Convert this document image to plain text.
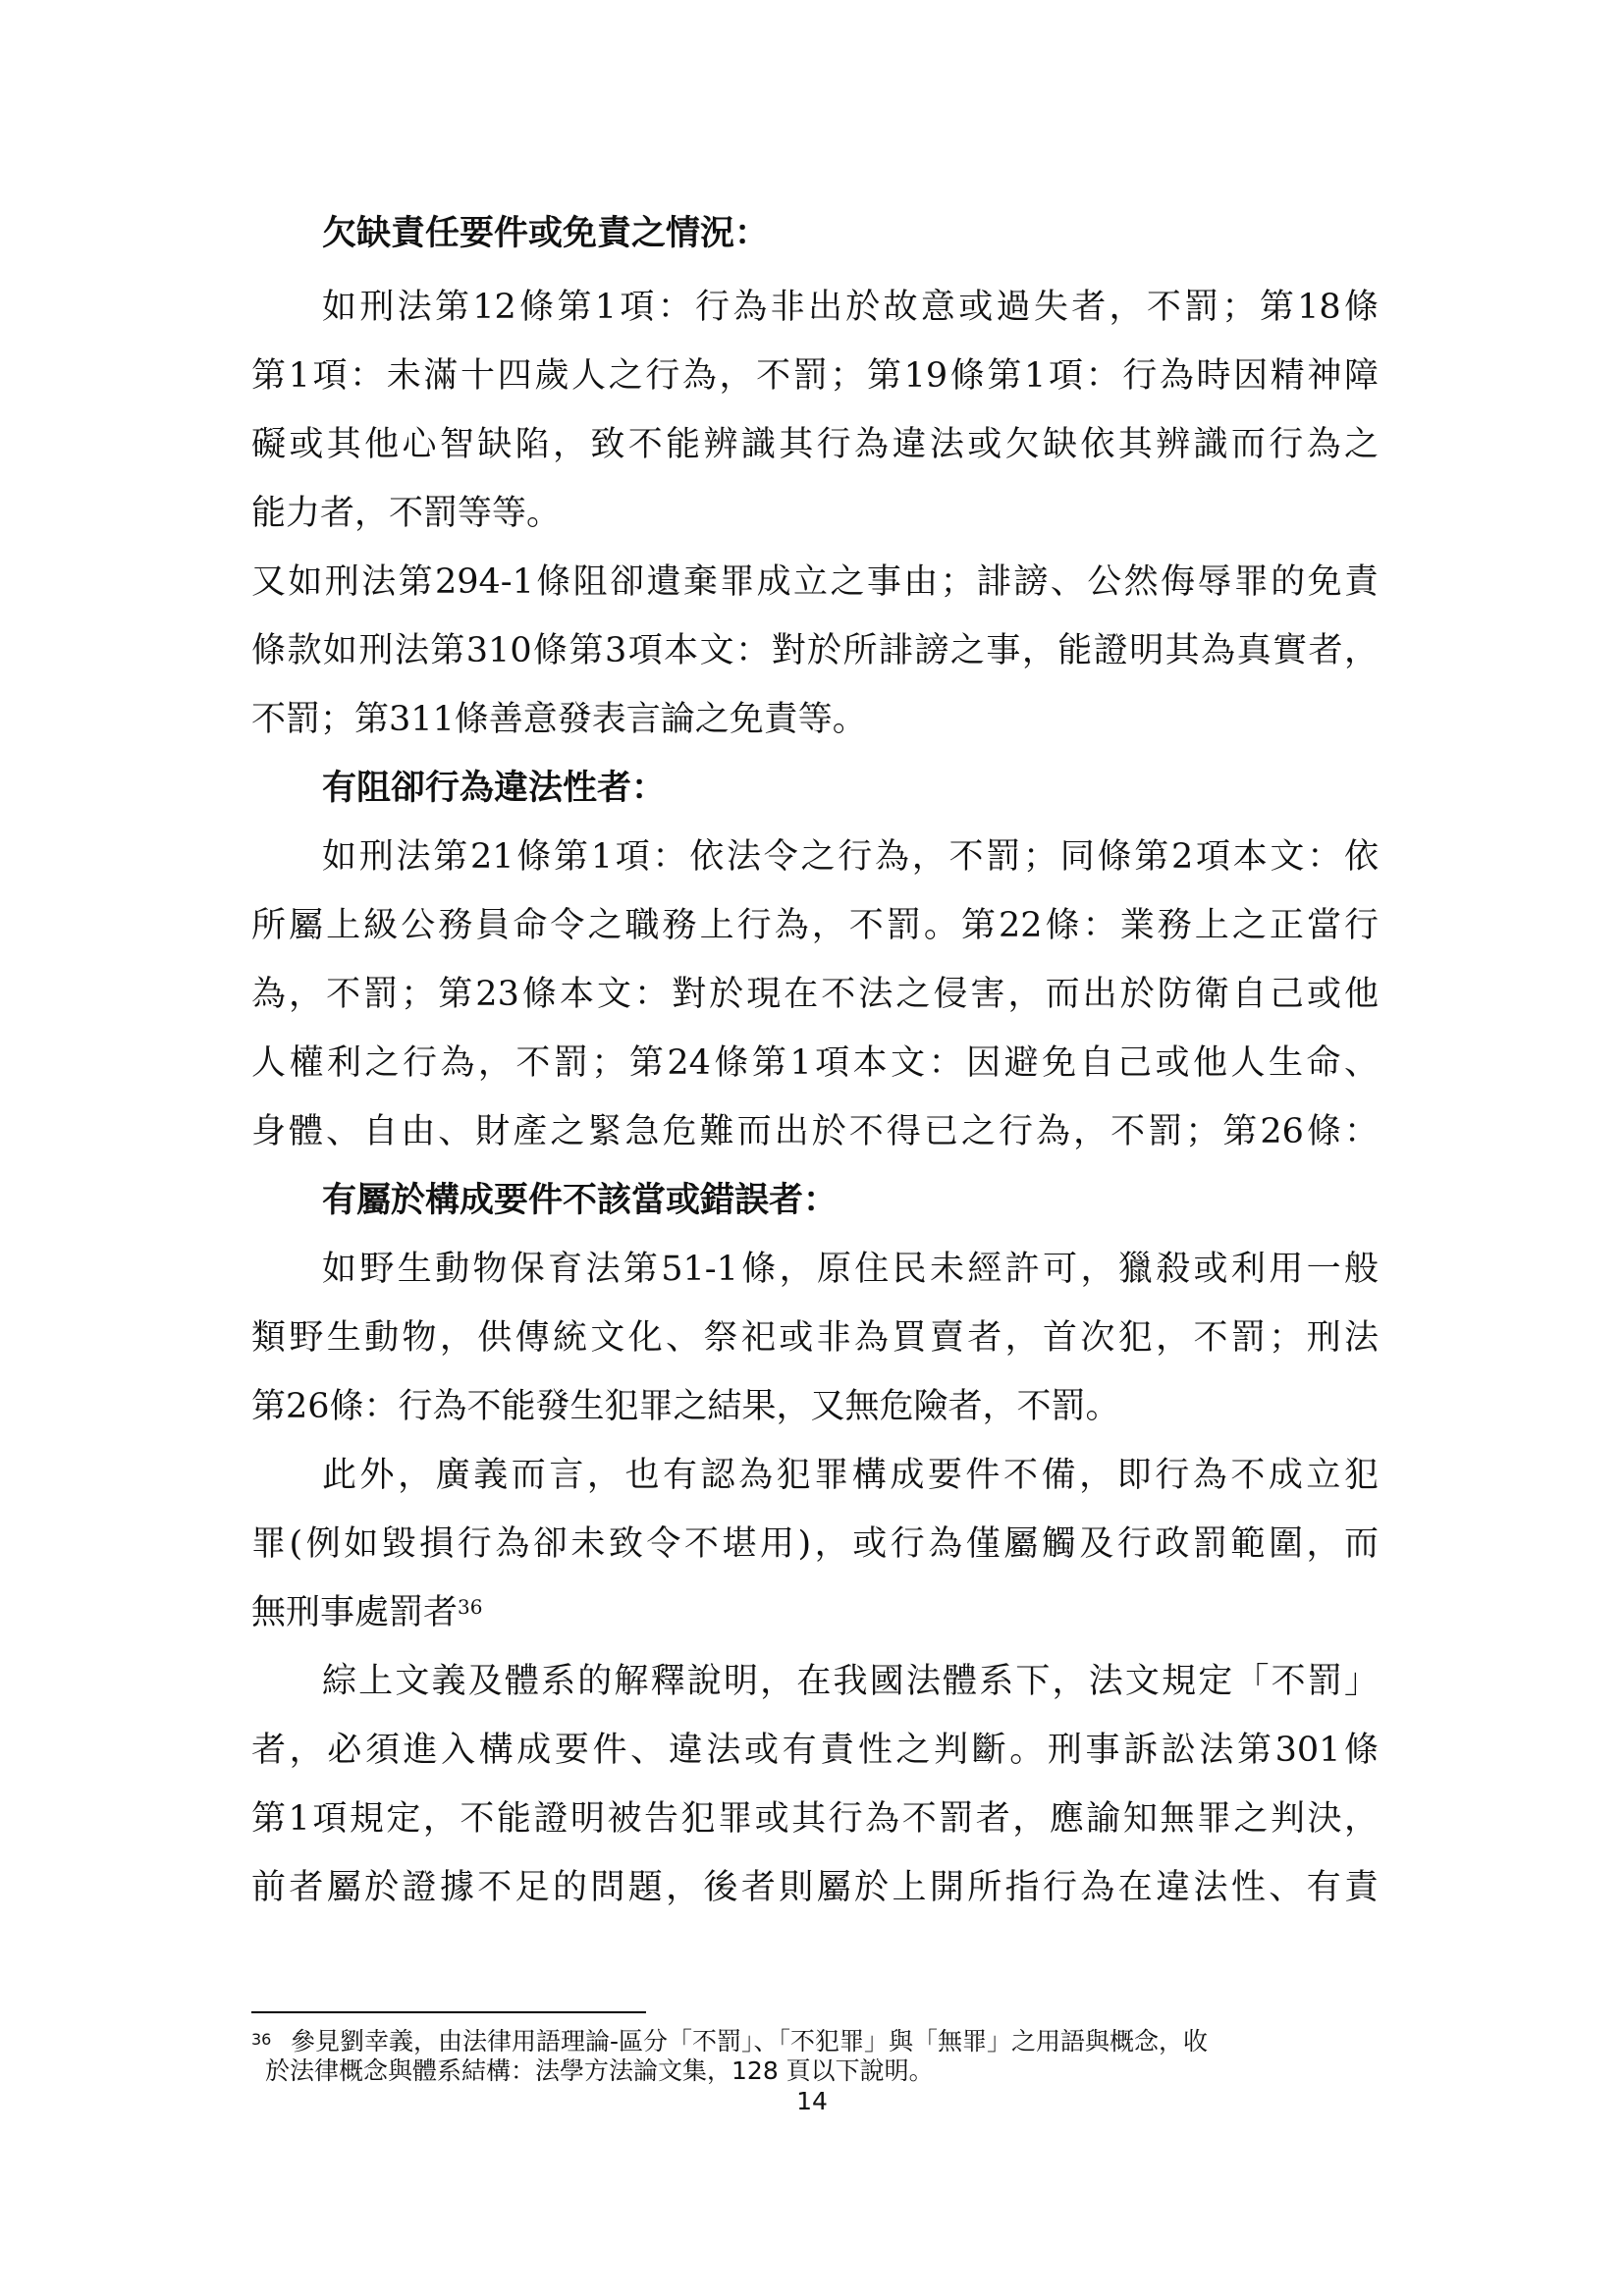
欠缺責任要件或免責之情況：

如刑法第12條第1項：行為非出於故意或過失者，不罰；第18條

第1項：未滿十四歲人之行為，不罰；第19條第1項：行為時因精神障

礙或其他心智缺陷，致不能辨識其行為違法或欠缺依其辨識而行為之

能力者，不罰等等。

又如刑法第294-1條阻卻遺棄罪成立之事由；誹謗、公然侮辱罪的免責

條款如刑法第310條第3項本文：對於所誹謗之事，能證明其為真實者，

不罰；第311條善意發表言論之免責等。

有阻卻行為違法性者：

如刑法第21條第1項：依法令之行為，不罰；同條第2項本文：依

所屬上級公務員命令之職務上行為，不罰。第22條：業務上之正當行

為，不罰；第23條本文：對於現在不法之侵害，而出於防衛自己或他

人權利之行為，不罰；第24條第1項本文：因避免自己或他人生命、

身體、自由、財產之緊急危難而出於不得已之行為，不罰；第26條：

有屬於構成要件不該當或錯誤者：

如野生動物保育法第51-1條，原住民未經許可，獵殺或利用一般

類野生動物，供傳統文化、祭祀或非為買賣者，首次犯，不罰；刑法

第26條：行為不能發生犯罪之結果，又無危險者，不罰。

此外，廣義而言，也有認為犯罪構成要件不備，即行為不成立犯

罪(例如毀損行為卻未致令不堪用)，或行為僅屬觸及行政罰範圍，而

無刑事處罰者$^{36}$

綜上文義及體系的解釋說明，在我國法體系下，法文規定「不罰」

者，必須進入構成要件、違法或有責性之判斷。刑事訴訟法第301條

第1項規定，不能證明被告犯罪或其行為不罰者，應諭知無罪之判決，

前者屬於證據不足的問題，後者則屬於上開所指行為在違法性、有責

$^{36}$ 參見劉幸義，由法律用語理論-區分「不罰」、「不犯罪」與「無罪」之用語與概念，收

於法律概念與體系結構：法學方法論文集，128 頁以下說明。

14
